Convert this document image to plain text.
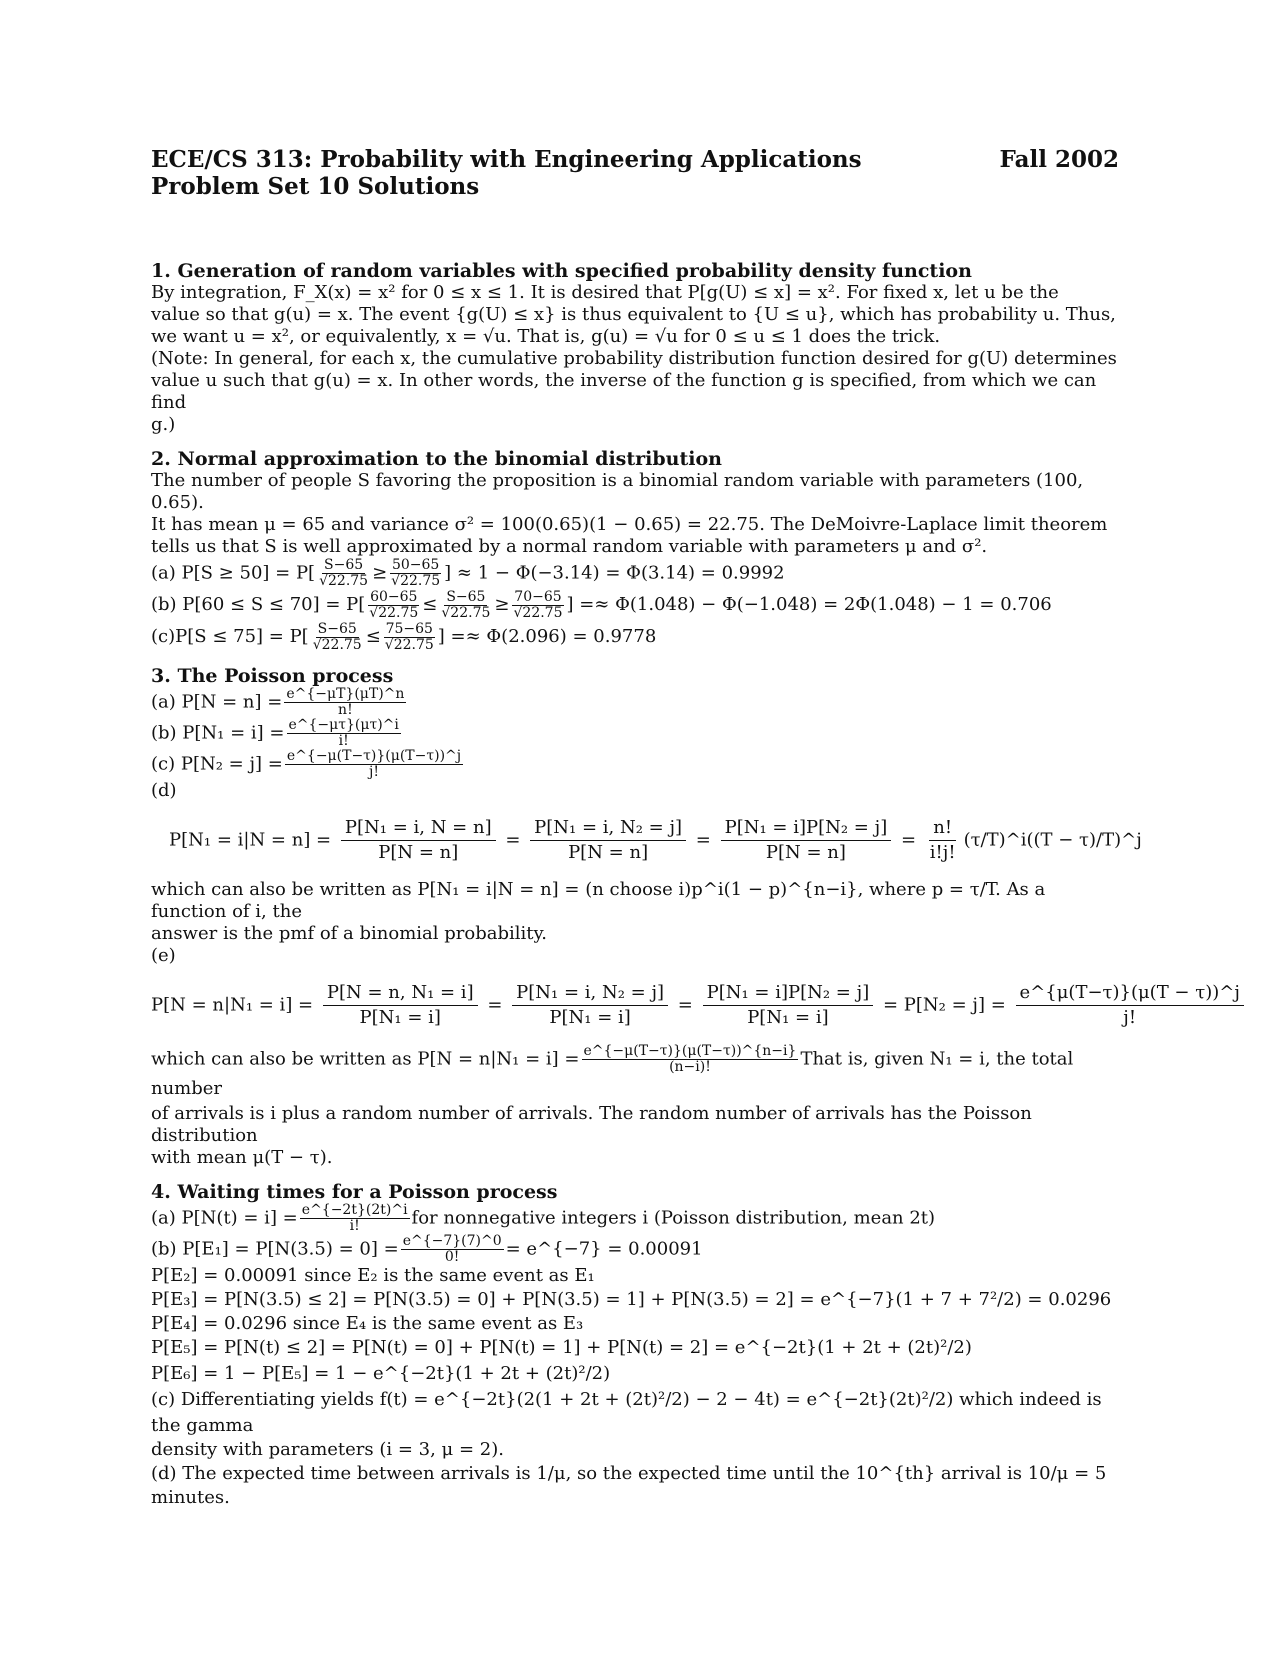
ECE/CS 313: Probability with Engineering Applications	Fall 2002
Problem Set 10 Solutions
1. Generation of random variables with specified probability density function

By integration, F_X(x) = x² for 0 ≤ x ≤ 1. It is desired that P[g(U) ≤ x] = x². For fixed x, let u be the

value so that g(u) = x. The event {g(U) ≤ x} is thus equivalent to {U ≤ u}, which has probability u. Thus,

we want u = x², or equivalently, x = √u. That is, g(u) = √u for 0 ≤ u ≤ 1 does the trick.

(Note: In general, for each x, the cumulative probability distribution function desired for g(U) determines

value u such that g(u) = x. In other words, the inverse of the function g is specified, from which we can find

g.)

2. Normal approximation to the binomial distribution

The number of people S favoring the proposition is a binomial random variable with parameters (100, 0.65).

It has mean μ = 65 and variance σ² = 100(0.65)(1 − 0.65) = 22.75. The DeMoivre-Laplace limit theorem

tells us that S is well approximated by a normal random variable with parameters μ and σ².

(a) $P[S \ge 50] = P[ \frac{S-65}{√22.75} \ge \frac{50-65}{√22.75}$ ] ≈ 1 − Φ(−3.14) = Φ(3.14) = 0.9992

(b) $P[60 \le S \le 70] = P[ \frac{60-65}{√22.75} \le \frac{S-65}{√22.75} \ge \frac{70-65}{√22.75}$ ] =≈ Φ(1.048) − Φ(−1.048) = 2Φ(1.048) − 1 = 0.706

$(c)P[S \le 75] = P[ \frac{S-65}{√22.75} \le \frac{75-65}{√22.75}$ ] =≈ Φ(2.096) = 0.9778

3. The Poisson process

(a) $P[N = n] = \frac{e\^{}\{-\mu T\}(\mu T)\^{}n}{n!}$

(b) $P[N_1 = i] = \frac{e\^{}\{-\mu\tau\}(\mu\tau)\^{}i}{i!}$

(c) $P[N_2 = j] = \frac{e\^{}\{-\mu(T-\tau)\}(\mu(T-\tau))\^{}j}{j!}$

(d)

$P[N_1 = i|N = n] = \frac{\text{P[N₁ = i, N = n]}}{P[N = n]} = \frac{\text{P[N₁ = i, N₂ = j]}}{P[N = n]} = \frac{\text{P[N₁ = i]P[N₂ = j]}}{P[N = n]} = \frac{n!}{i!j!}$ (τ/T)^i((T − τ)/T)^j

which can also be written as P[N₁ = i|N = n] = (n choose i)p^i(1 − p)^{n−i}, where p = τ/T. As a function of i, the

answer is the pmf of a binomial probability.

(e)

$P[N = n|N_1 = i] = \frac{\text{P[N = n, N₁ = i]}}{\text{P[N₁ = i]}} = \frac{\text{P[N₁ = i, N₂ = j]}}{\text{P[N₁ = i]}} = \frac{\text{P[N₁ = i]P[N₂ = j]}}{\text{P[N₁ = i]}} = P[N_2 = j] = \frac{e\^{}\{\mu(T-\tau)\}(\mu(T - \tau))\^{}j}{j!}$

which can also be written as $P[N = n|N_1 = i] = \frac{e\^{}\{-\mu(T-\tau)\}(\mu(T-\tau))\^{}\{n-i\}}{(n-i)!}$ That is, given N₁ = i, the total number

of arrivals is i plus a random number of arrivals. The random number of arrivals has the Poisson distribution

with mean μ(T − τ).

4. Waiting times for a Poisson process

(a) $P[N(t) = i] = \frac{e\^{}\{-2t\}(2t)\^{}i}{i!}$ for nonnegative integers i (Poisson distribution, mean 2t)

(b) $P[E_1] = P[N(3.5) = 0] = \frac{e\^{}\{-7\}(7)\^{}0}{0!}$ = e^{−7} = 0.00091

P[E₂] = 0.00091 since E₂ is the same event as E₁

P[E₃] = P[N(3.5) ≤ 2] = P[N(3.5) = 0] + P[N(3.5) = 1] + P[N(3.5) = 2] = e^{−7}(1 + 7 + 7²/2) = 0.0296

P[E₄] = 0.0296 since E₄ is the same event as E₃

P[E₅] = P[N(t) ≤ 2] = P[N(t) = 0] + P[N(t) = 1] + P[N(t) = 2] = e^{−2t}(1 + 2t + (2t)²/2)

P[E₆] = 1 − P[E₅] = 1 − e^{−2t}(1 + 2t + (2t)²/2)

(c) Differentiating yields f(t) = e^{−2t}(2(1 + 2t + (2t)²/2) − 2 − 4t) = e^{−2t}(2t)²/2) which indeed is the gamma

density with parameters (i = 3, μ = 2).

(d) The expected time between arrivals is 1/μ, so the expected time until the 10^{th} arrival is 10/μ = 5

minutes.
